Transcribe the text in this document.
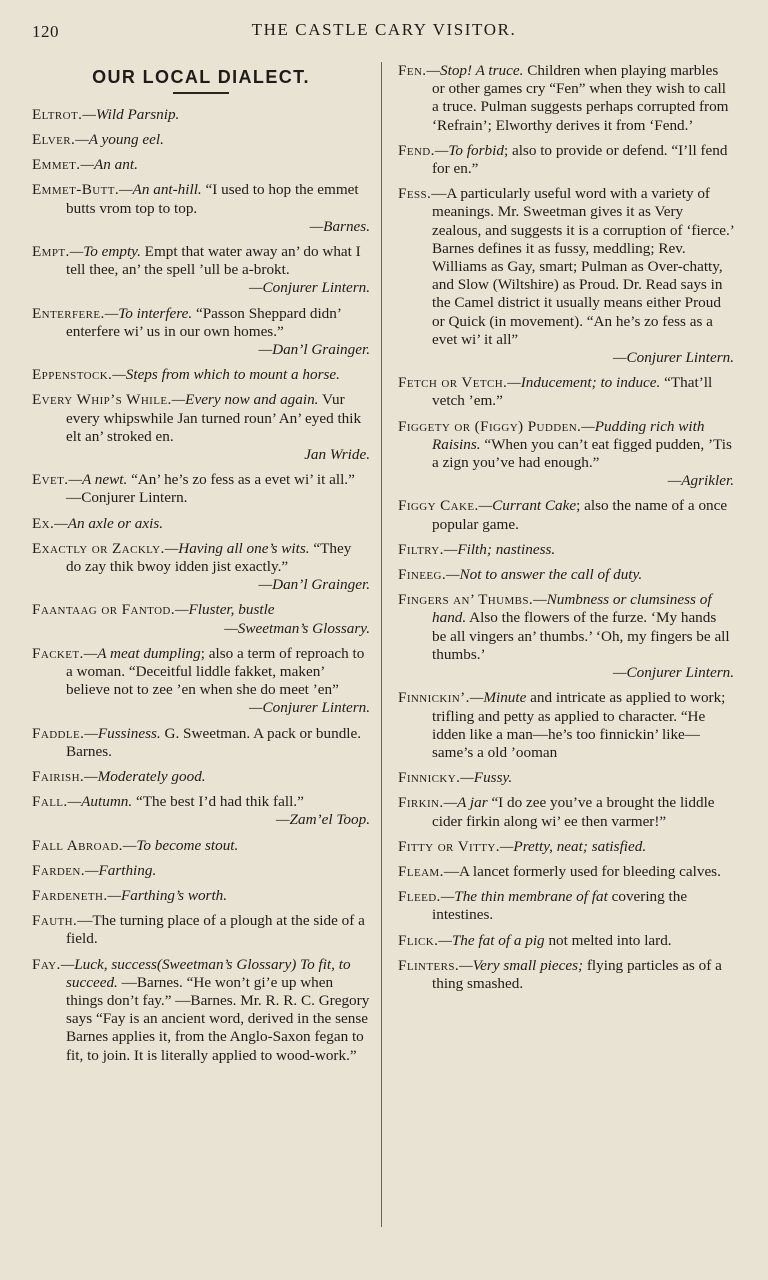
120	THE CASTLE CARY VISITOR.
OUR LOCAL DIALECT.
Eltrot.—Wild Parsnip.
Elver.—A young eel.
Emmet.—An ant.
Emmet-Butt.—An ant-hill. “I used to hop the emmet butts vrom top to top.
—Barnes.
Empt.—To empty. Empt that water away an’ do what I tell thee, an’ the spell ’ull be a-brokt.
—Conjurer Lintern.
Enterfere.—To interfere. “Passon Sheppard didn’ enterfere wi’ us in our own homes.”
—Dan’l Grainger.
Eppenstock.—Steps from which to mount a horse.
Every Whip’s While.—Every now and again. Vur every whipswhile Jan turned roun’ An’ eyed thik elt an’ stroked en.
Jan Wride.
Evet.—A newt. “An’ he’s zo fess as a evet wi’ it all.” —Conjurer Lintern.
Ex.—An axle or axis.
Exactly or Zackly.—Having all one’s wits. “They do zay thik bwoy idden jist exactly.”
—Dan’l Grainger.
Faantaag or Fantod.—Fluster, bustle
—Sweetman’s Glossary.
Facket.—A meat dumpling; also a term of reproach to a woman. “Deceitful liddle fakket, maken’ believe not to zee ’en when she do meet ’en”
—Conjurer Lintern.
Faddle.—Fussiness. G. Sweetman. A pack or bundle. Barnes.
Fairish.—Moderately good.
Fall.—Autumn. “The best I’d had thik fall.”
—Zam’el Toop.
Fall Abroad.—To become stout.
Farden.—Farthing.
Fardeneth.—Farthing’s worth.
Fauth.—The turning place of a plough at the side of a field.
Fay.—Luck, success(Sweetman’s Glossary) To fit, to succeed. —Barnes. “He won’t gi’e up when things don’t fay.” —Barnes. Mr. R. R. C. Gregory says “Fay is an ancient word, derived in the sense Barnes applies it, from the Anglo-Saxon fegan to fit, to join. It is literally applied to wood-work.”
Fen.—Stop! A truce. Children when playing marbles or other games cry “Fen” when they wish to call a truce. Pulman suggests perhaps corrupted from ‘Refrain’; Elworthy derives it from ‘Fend.’
Fend.—To forbid; also to provide or defend. “I’ll fend for en.”
Fess.—A particularly useful word with a variety of meanings. Mr. Sweetman gives it as Very zealous, and suggests it is a corruption of ‘fierce.’ Barnes defines it as fussy, meddling; Rev. Williams as Gay, smart; Pulman as Over-chatty, and Slow (Wiltshire) as Proud. Dr. Read says in the Camel district it usually means either Proud or Quick (in movement). “An he’s zo fess as a evet wi’ it all”
—Conjurer Lintern.
Fetch or Vetch.—Inducement; to induce. “That’ll vetch ’em.”
Figgety or (Figgy) Pudden.—Pudding rich with Raisins. “When you can’t eat figged pudden, ’Tis a zign you’ve had enough.”
—Agrikler.
Figgy Cake.—Currant Cake; also the name of a once popular game.
Filtry.—Filth; nastiness.
Fineeg.—Not to answer the call of duty.
Fingers an’ Thumbs.—Numbness or clumsiness of hand. Also the flowers of the furze. ‘My hands be all vingers an’ thumbs.’ ‘Oh, my fingers be all thumbs.’
—Conjurer Lintern.
Finnickin’.—Minute and intricate as applied to work; trifling and petty as applied to character. “He idden like a man—he’s too finnickin’ like—same’s a old ’ooman
Finnicky.—Fussy.
Firkin.—A jar “I do zee you’ve a brought the liddle cider firkin along wi’ ee then varmer!”
Fitty or Vitty.—Pretty, neat; satisfied.
Fleam.—A lancet formerly used for bleeding calves.
Fleed.—The thin membrane of fat covering the intestines.
Flick.—The fat of a pig not melted into lard.
Flinters.—Very small pieces; flying particles as of a thing smashed.
